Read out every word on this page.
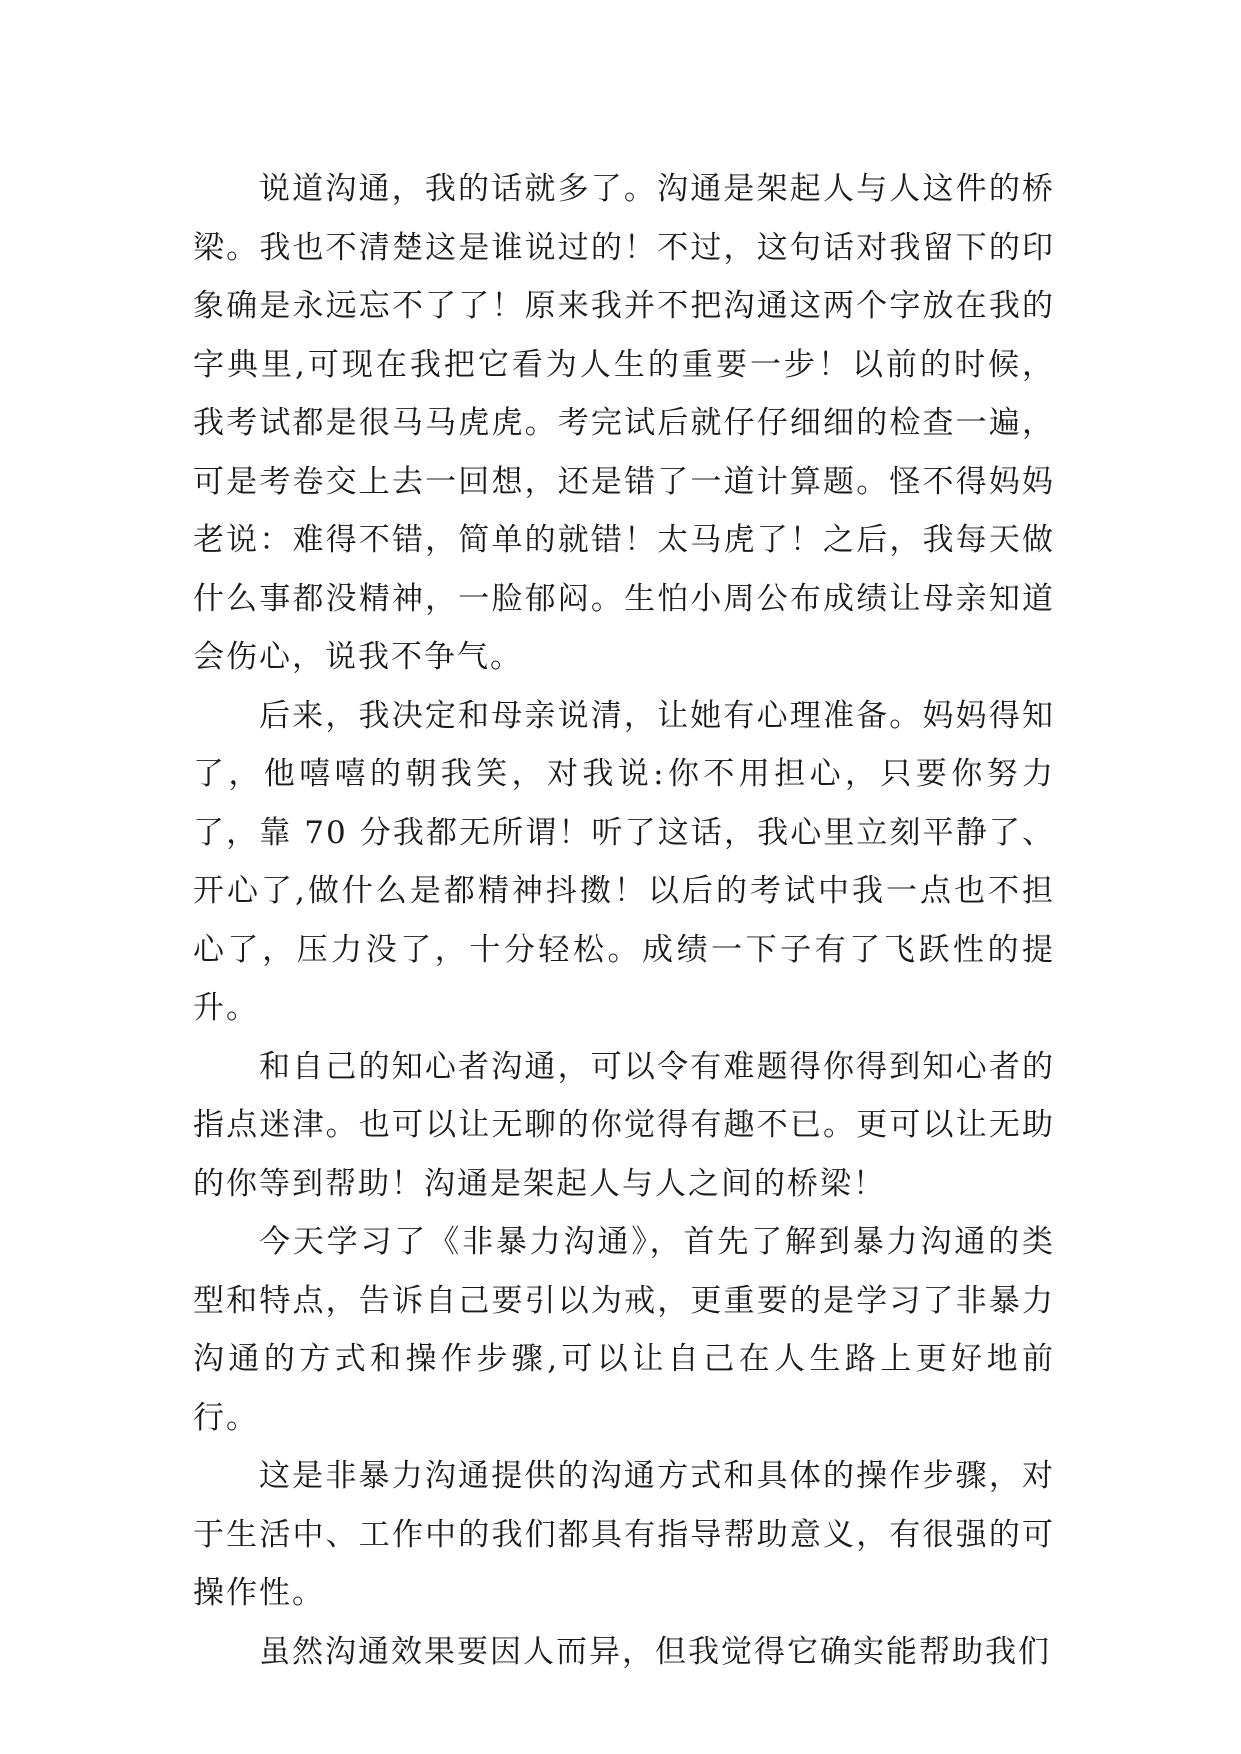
说道沟通，我的话就多了。沟通是架起人与人这件的桥梁。我也不清楚这是谁说过的！不过，这句话对我留下的印象确是永远忘不了了！原来我并不把沟通这两个字放在我的字典里,可现在我把它看为人生的重要一步！以前的时候，我考试都是很马马虎虎。考完试后就仔仔细细的检查一遍，可是考卷交上去一回想，还是错了一道计算题。怪不得妈妈老说：难得不错，简单的就错！太马虎了！之后，我每天做什么事都没精神，一脸郁闷。生怕小周公布成绩让母亲知道会伤心，说我不争气。

后来，我决定和母亲说清，让她有心理准备。妈妈得知了，他嘻嘻的朝我笑，对我说:你不用担心，只要你努力了，靠 70 分我都无所谓！听了这话，我心里立刻平静了、开心了,做什么是都精神抖擞！以后的考试中我一点也不担心了，压力没了，十分轻松。成绩一下子有了飞跃性的提升。

和自己的知心者沟通，可以令有难题得你得到知心者的指点迷津。也可以让无聊的你觉得有趣不已。更可以让无助的你等到帮助！沟通是架起人与人之间的桥梁！

今天学习了《非暴力沟通》，首先了解到暴力沟通的类型和特点，告诉自己要引以为戒，更重要的是学习了非暴力沟通的方式和操作步骤,可以让自己在人生路上更好地前行。

这是非暴力沟通提供的沟通方式和具体的操作步骤，对于生活中、工作中的我们都具有指导帮助意义，有很强的可操作性。

虽然沟通效果要因人而异，但我觉得它确实能帮助我们
